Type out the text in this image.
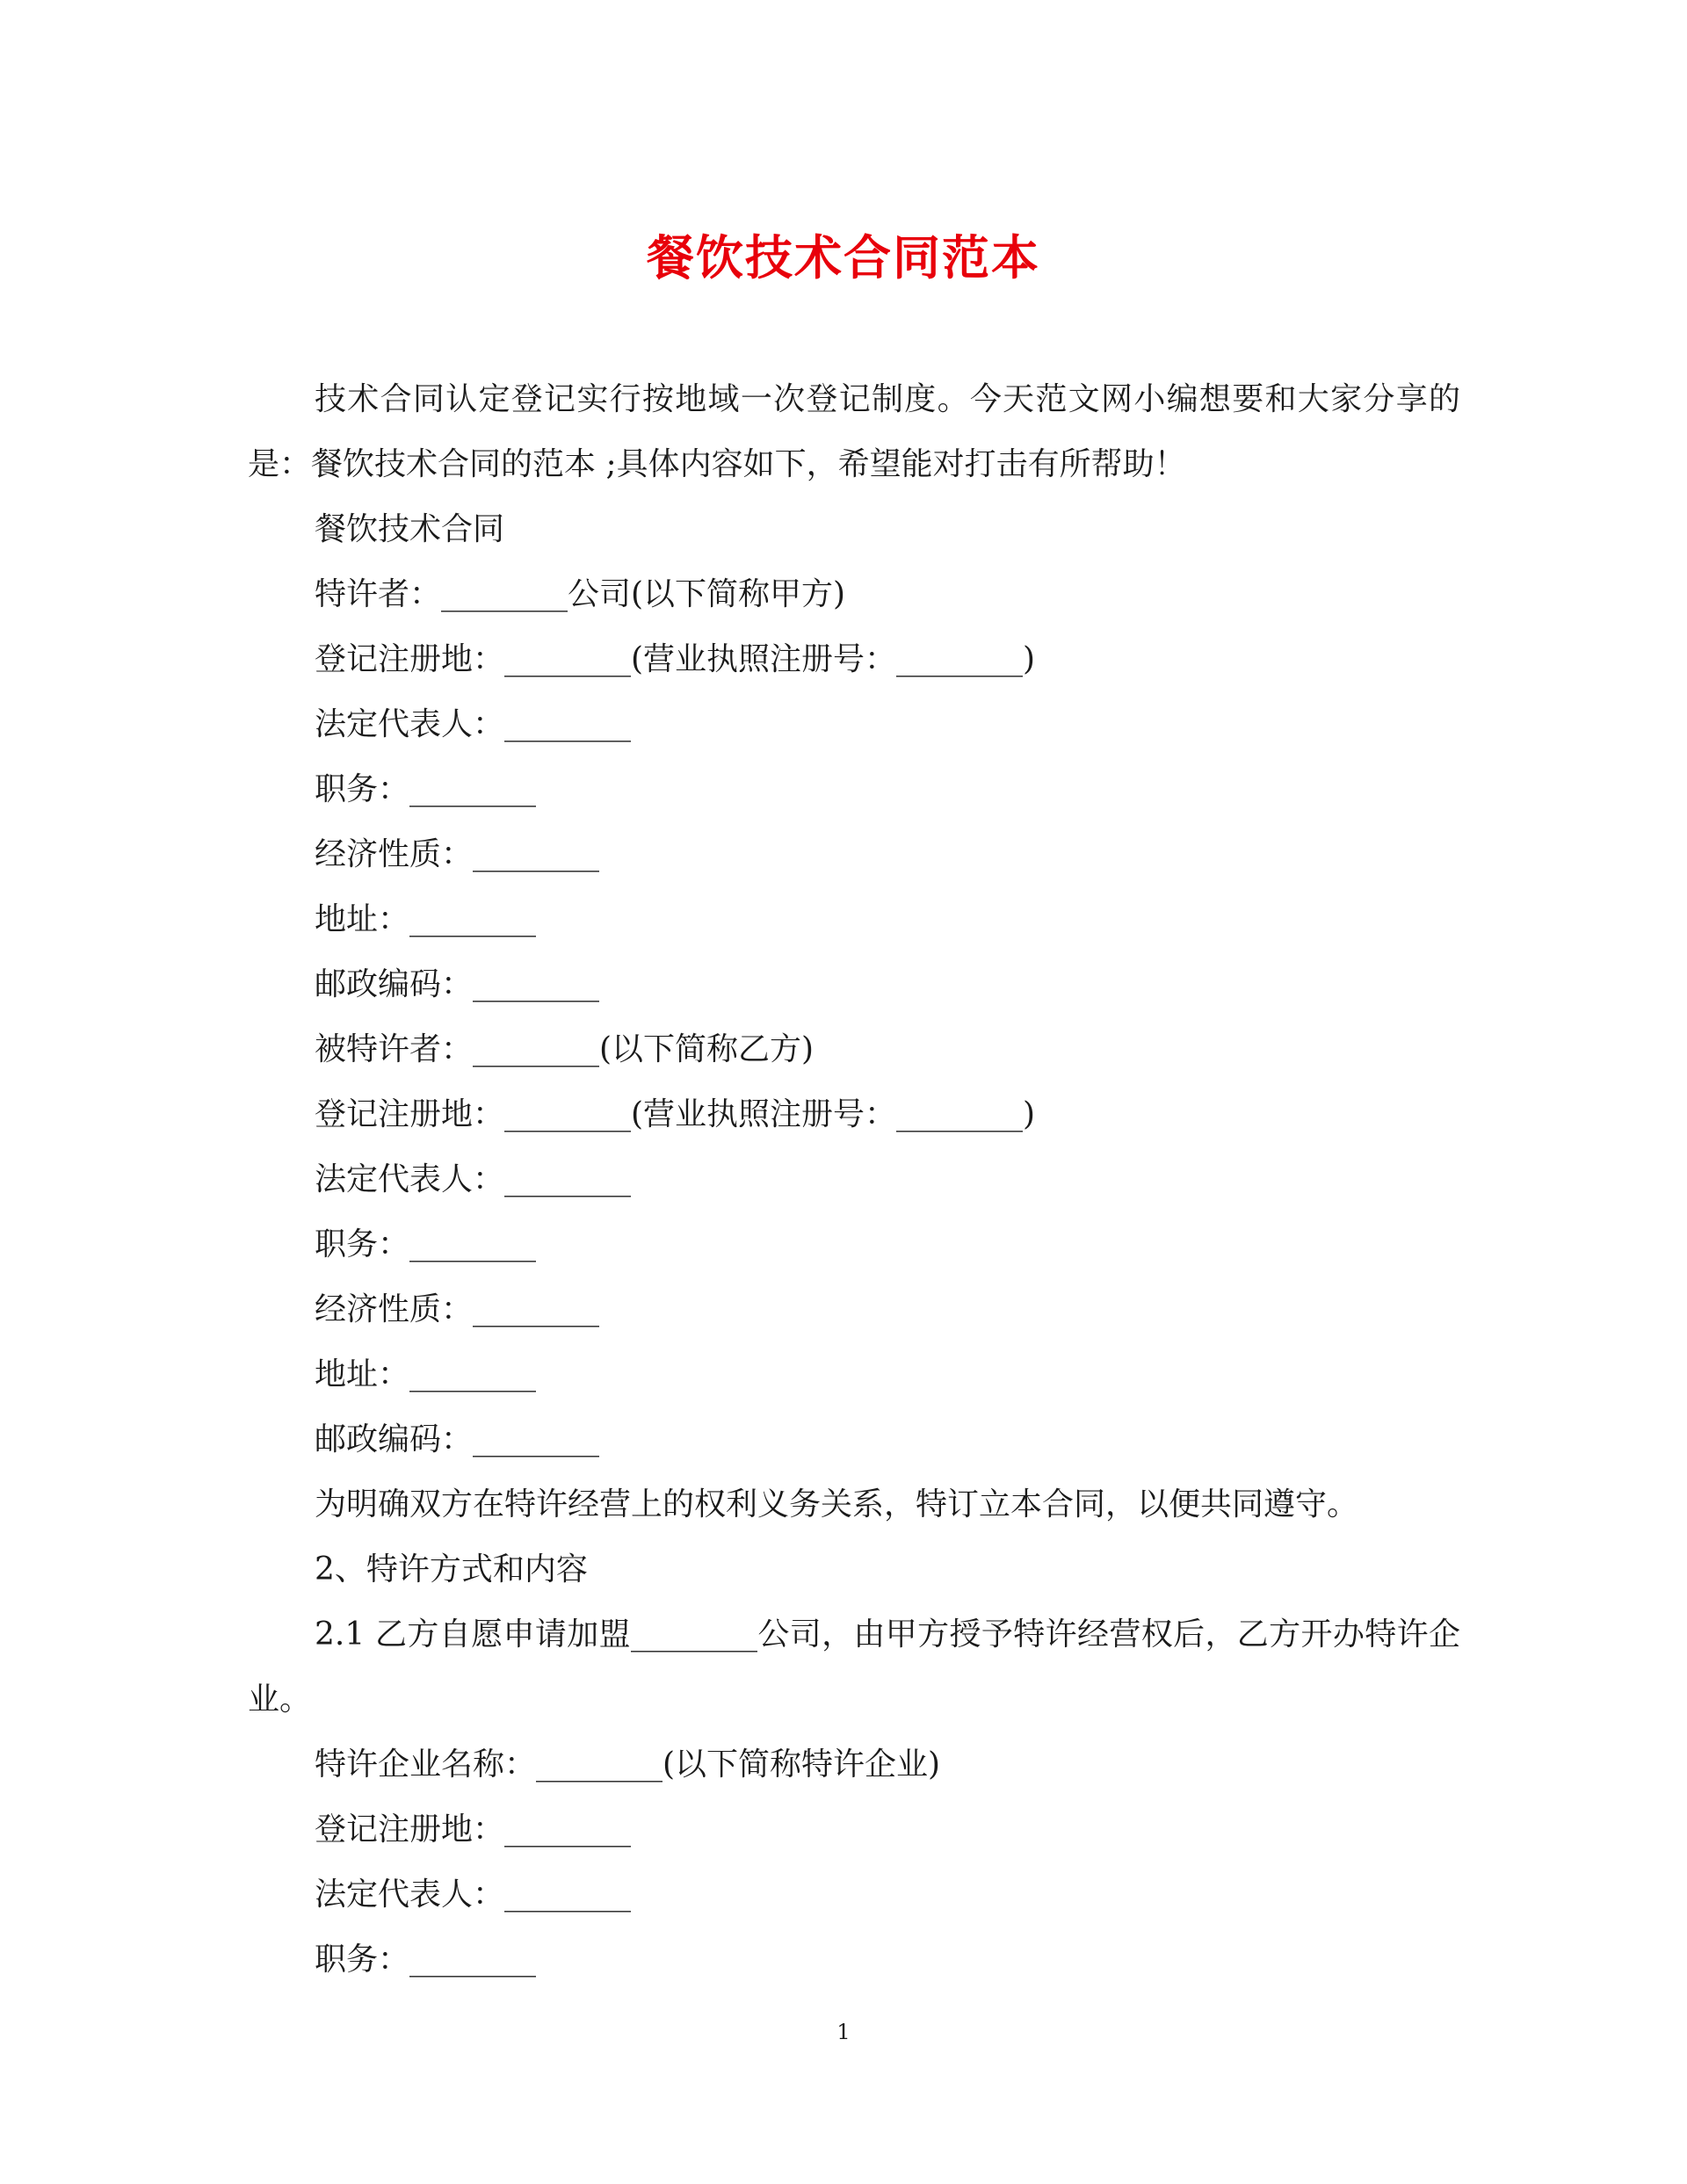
餐饮技术合同范本

技术合同认定登记实行按地域一次登记制度。今天范文网小编想要和大家分享的是：餐饮技术合同的范本 ;具体内容如下，希望能对打击有所帮助！

餐饮技术合同

特许者：________公司(以下简称甲方)

登记注册地：________(营业执照注册号：________)

法定代表人：________

职务：________

经济性质：________

地址：________

邮政编码：________

被特许者：________(以下简称乙方)

登记注册地：________(营业执照注册号：________)

法定代表人：________

职务：________

经济性质：________

地址：________

邮政编码：________

为明确双方在特许经营上的权利义务关系，特订立本合同，以便共同遵守。

2、特许方式和内容

2.1 乙方自愿申请加盟________公司，由甲方授予特许经营权后，乙方开办特许企业。

特许企业名称：________(以下简称特许企业)

登记注册地：________

法定代表人：________

职务：________

1
